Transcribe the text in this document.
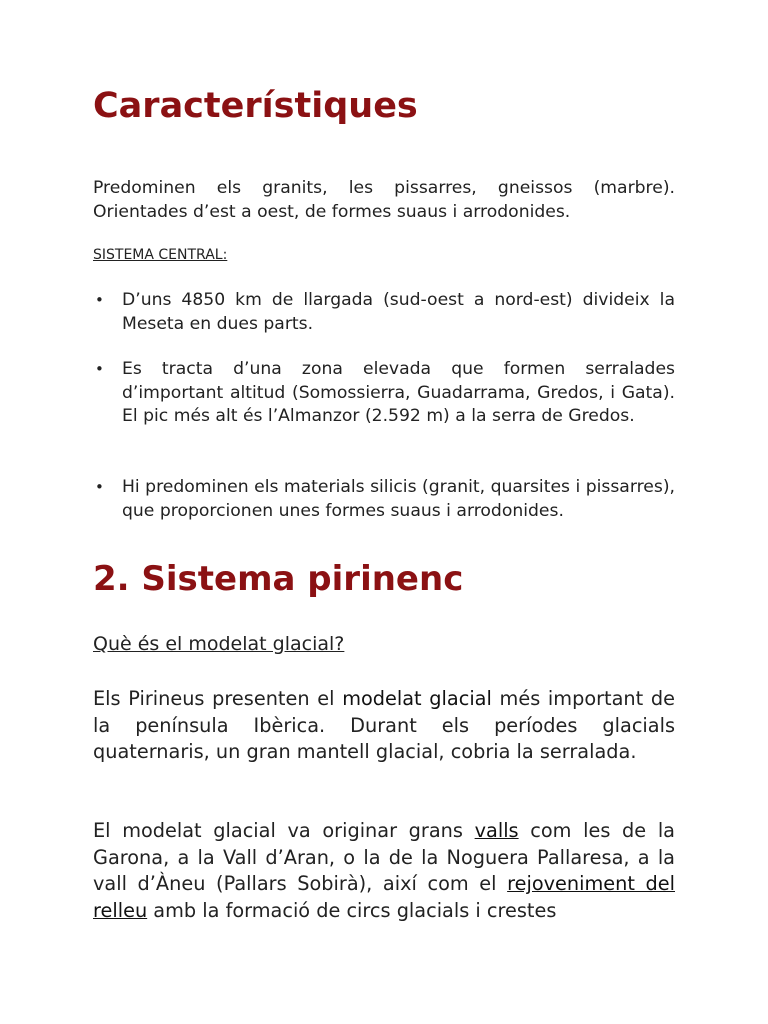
Característiques

Predominen els granits, les pissarres, gneissos (marbre). Orientades d’est a oest, de formes suaus i arrodonides.

SISTEMA CENTRAL:

• D’uns 4850 km de llargada (sud-oest a nord-est) divideix la Meseta en dues parts.
• Es tracta d’una zona elevada que formen serralades d’important altitud (Somossierra, Guadarrama, Gredos, i Gata). El pic més alt és l’Almanzor (2.592 m) a la serra de Gredos.
• Hi predominen els materials silicis (granit, quarsites i pissarres), que proporcionen unes formes suaus i arrodonides.
2. Sistema pirinenc

Què és el modelat glacial?

Els Pirineus presenten el modelat glacial més important de la península Ibèrica. Durant els períodes glacials quaternaris, un gran mantell glacial, cobria la serralada.

El modelat glacial va originar grans valls com les de la Garona, a la Vall d’Aran, o la de la Noguera Pallaresa, a la vall d’Àneu (Pallars Sobirà), així com el rejoveniment del relleu amb la formació de circs glacials i crestes
